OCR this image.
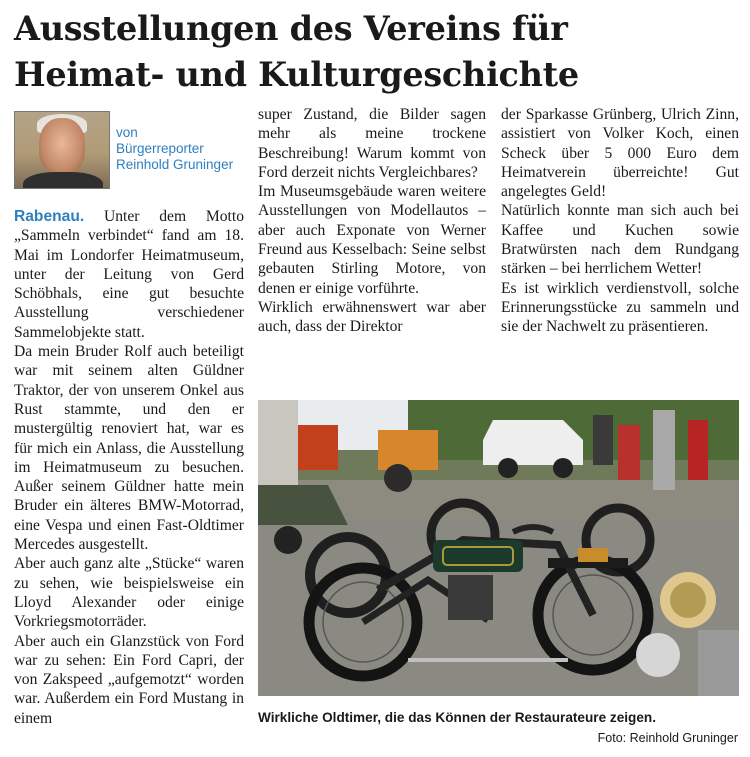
Ausstellungen des Vereins für
Heimat- und Kulturgeschichte
von
Bürgerreporter
Reinhold Gruninger

Rabenau. Unter dem Motto „Sammeln verbindet“ fand am 18. Mai im Londorfer Heimatmuseum, unter der Leitung von Gerd Schöbhals, eine gut besuchte Ausstellung verschiedener Sammelobjekte statt.

Da mein Bruder Rolf auch beteiligt war mit seinem alten Güldner Traktor, der von unserem Onkel aus Rust stammte, und den er mustergültig renoviert hat, war es für mich ein Anlass, die Ausstellung im Heimatmuseum zu besuchen. Außer seinem Güldner hatte mein Bruder ein älteres BMW-Motorrad, eine Vespa und einen Fast-Oldtimer Mercedes ausgestellt.

Aber auch ganz alte „Stücke“ waren zu sehen, wie beispielsweise ein Lloyd Alexander oder einige Vorkriegsmotorräder.

Aber auch ein Glanzstück von Ford war zu sehen: Ein Ford Capri, der von Zakspeed „aufgemotzt“ worden war. Außerdem ein Ford Mustang in einem

super Zustand, die Bilder sagen mehr als meine trockene Beschreibung! Warum kommt von Ford derzeit nichts Vergleichbares?

Im Museumsgebäude waren weitere Ausstellungen von Modellautos – aber auch Exponate von Werner Freund aus Kesselbach: Seine selbst gebauten Stirling Motore, von denen er einige vorführte.

Wirklich erwähnenswert war aber auch, dass der Direktor

der Sparkasse Grünberg, Ulrich Zinn, assistiert von Volker Koch, einen Scheck über 5 000 Euro dem Heimatverein überreichte! Gut angelegtes Geld!

Natürlich konnte man sich auch bei Kaffee und Kuchen sowie Bratwürsten nach dem Rundgang stärken – bei herrlichem Wetter!

Es ist wirklich verdienstvoll, solche Erinnerungsstücke zu sammeln und sie der Nachwelt zu präsentieren.

Wirkliche Oldtimer, die das Können der Restaurateure zeigen.
Foto: Reinhold Gruninger
